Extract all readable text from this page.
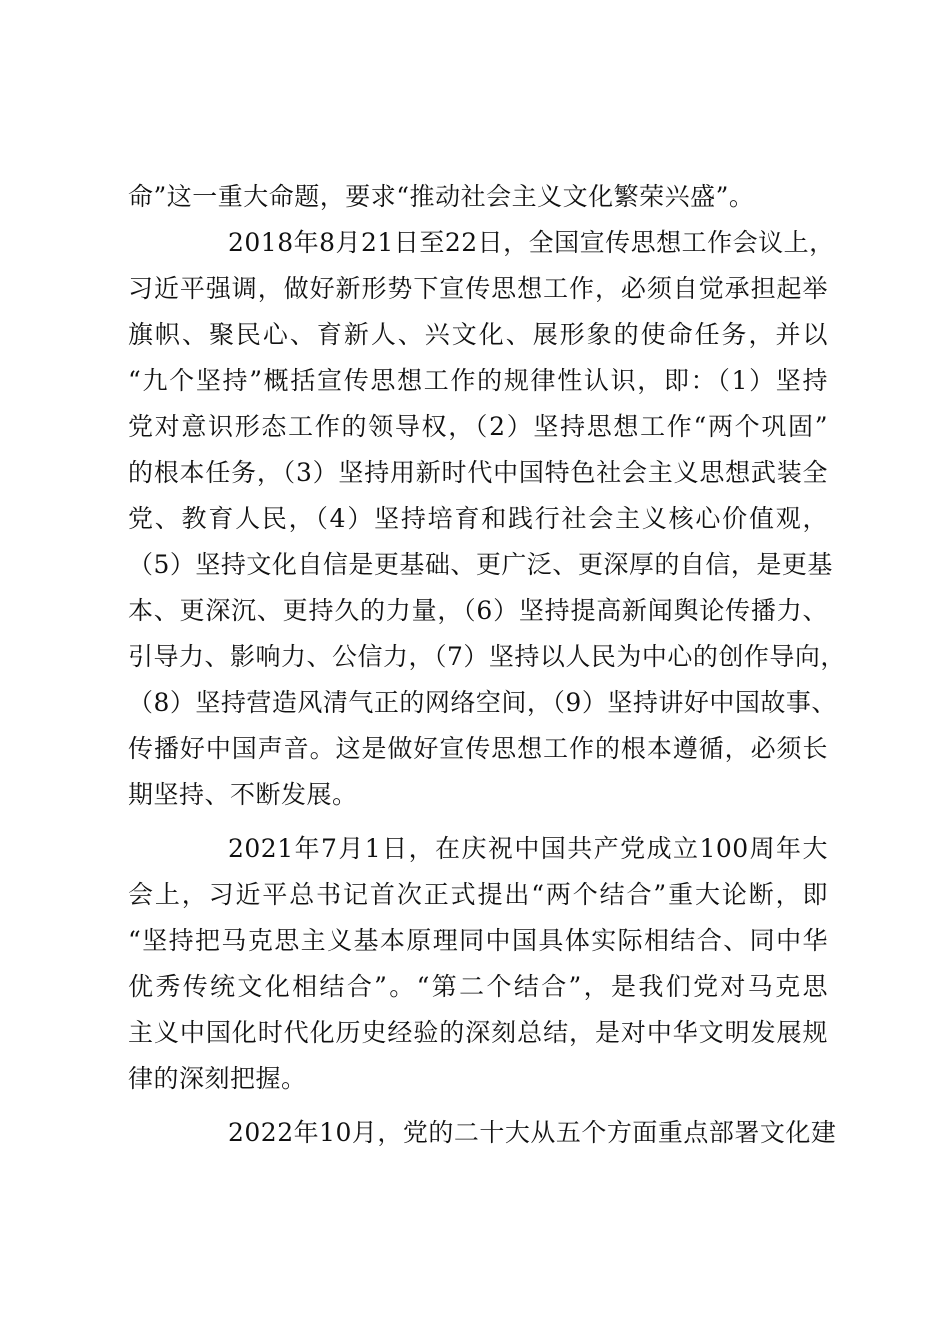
命”这一重大命题，要求“推动社会主义文化繁荣兴盛”。
2018年8月21日至22日，全国宣传思想工作会议上，
习近平强调，做好新形势下宣传思想工作，必须自觉承担起举
旗帜、聚民心、育新人、兴文化、展形象的使命任务，并以
“九个坚持”概括宣传思想工作的规律性认识，即：（1）坚持
党对意识形态工作的领导权，（2）坚持思想工作“两个巩固”
的根本任务，（3）坚持用新时代中国特色社会主义思想武装全
党、教育人民，（4）坚持培育和践行社会主义核心价值观，
（5）坚持文化自信是更基础、更广泛、更深厚的自信，是更基
本、更深沉、更持久的力量，（6）坚持提高新闻舆论传播力、
引导力、影响力、公信力，（7）坚持以人民为中心的创作导向，
（8）坚持营造风清气正的网络空间，（9）坚持讲好中国故事、
传播好中国声音。这是做好宣传思想工作的根本遵循，必须长
期坚持、不断发展。
2021年7月1日，在庆祝中国共产党成立100周年大
会上，习近平总书记首次正式提出“两个结合”重大论断，即
“坚持把马克思主义基本原理同中国具体实际相结合、同中华
优秀传统文化相结合”。“第二个结合”，是我们党对马克思
主义中国化时代化历史经验的深刻总结，是对中华文明发展规
律的深刻把握。
2022年10月，党的二十大从五个方面重点部署文化建
